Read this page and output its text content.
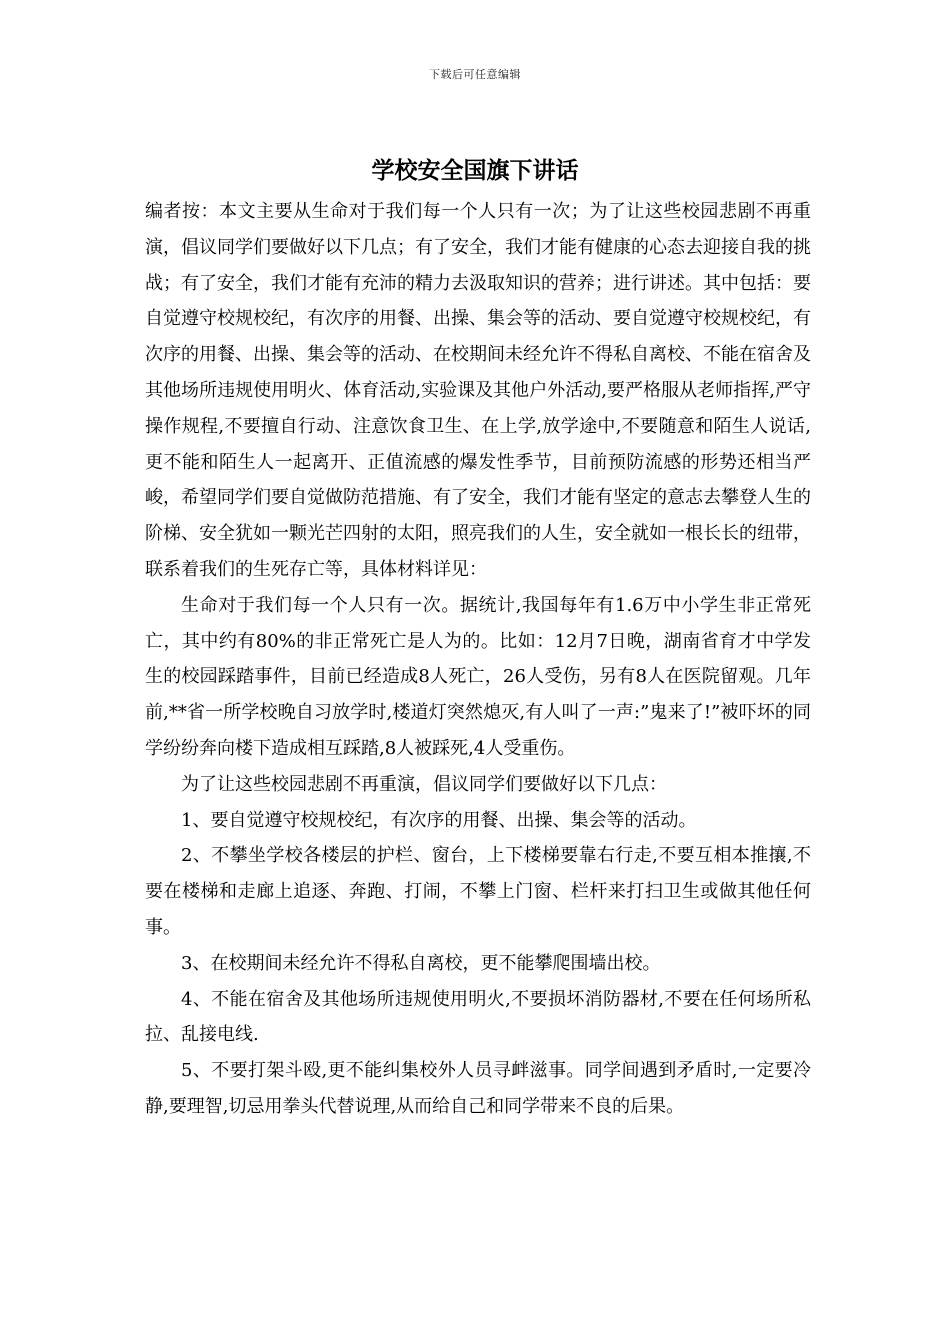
下载后可任意编辑
学校安全国旗下讲话

编者按：本文主要从生命对于我们每一个人只有一次；为了让这些校园悲剧不再重演，倡议同学们要做好以下几点；有了安全，我们才能有健康的心态去迎接自我的挑战；有了安全，我们才能有充沛的精力去汲取知识的营养；进行讲述。其中包括：要自觉遵守校规校纪，有次序的用餐、出操、集会等的活动、要自觉遵守校规校纪，有次序的用餐、出操、集会等的活动、在校期间未经允许不得私自离校、不能在宿舍及其他场所违规使用明火、体育活动,实验课及其他户外活动,要严格服从老师指挥,严守操作规程,不要擅自行动、注意饮食卫生、在上学,放学途中,不要随意和陌生人说话,更不能和陌生人一起离开、正值流感的爆发性季节，目前预防流感的形势还相当严峻，希望同学们要自觉做防范措施、有了安全，我们才能有坚定的意志去攀登人生的阶梯、安全犹如一颗光芒四射的太阳，照亮我们的人生，安全就如一根长长的纽带，联系着我们的生死存亡等，具体材料详见：

生命对于我们每一个人只有一次。据统计,我国每年有1.6万中小学生非正常死亡，其中约有80%的非正常死亡是人为的。比如：12月7日晚，湖南省育才中学发生的校园踩踏事件，目前已经造成8人死亡，26人受伤，另有8人在医院留观。几年前,**省一所学校晚自习放学时,楼道灯突然熄灭,有人叫了一声:”鬼来了!”被吓坏的同学纷纷奔向楼下造成相互踩踏,8人被踩死,4人受重伤。

为了让这些校园悲剧不再重演，倡议同学们要做好以下几点：

1、要自觉遵守校规校纪，有次序的用餐、出操、集会等的活动。

2、不攀坐学校各楼层的护栏、窗台，上下楼梯要靠右行走,不要互相本推攘,不要在楼梯和走廊上追逐、奔跑、打闹，不攀上门窗、栏杆来打扫卫生或做其他任何事。

3、在校期间未经允许不得私自离校，更不能攀爬围墙出校。

4、不能在宿舍及其他场所违规使用明火,不要损坏消防器材,不要在任何场所私拉、乱接电线.

5、不要打架斗殴,更不能纠集校外人员寻衅滋事。同学间遇到矛盾时,一定要冷静,要理智,切忌用拳头代替说理,从而给自己和同学带来不良的后果。
